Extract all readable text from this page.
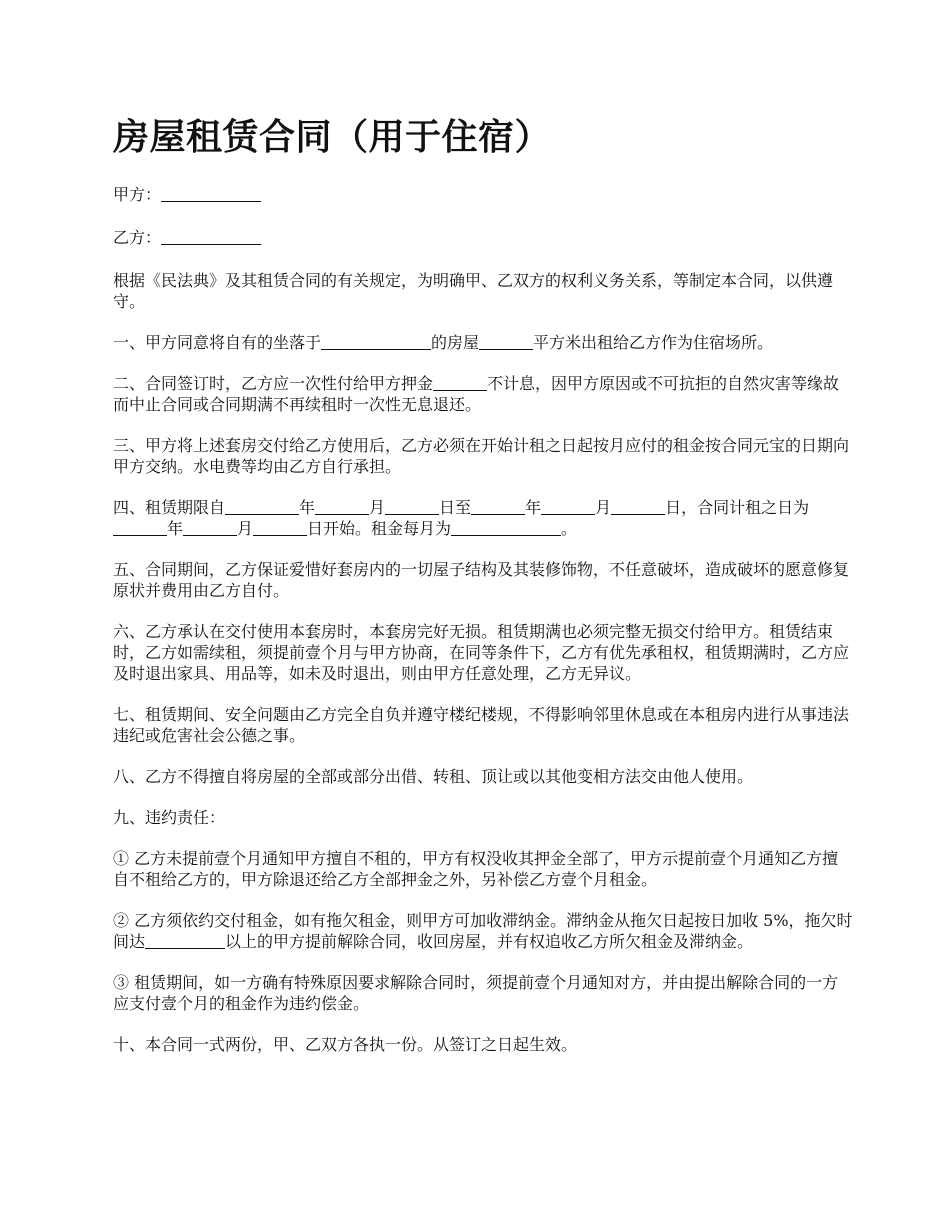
房屋租赁合同（用于住宿）

甲方：

乙方：

根据《民法典》及其租赁合同的有关规定，为明确甲、乙双方的权利义务关系，等制定本合同，以供遵守。

一、甲方同意将自有的坐落于	的房屋	平方米出租给乙方作为住宿场所。

二、合同签订时，乙方应一次性付给甲方押金	不计息，因甲方原因或不可抗拒的自然灾害等缘故而中止合同或合同期满不再续租时一次性无息退还。

三、甲方将上述套房交付给乙方使用后，乙方必须在开始计租之日起按月应付的租金按合同元宝的日期向甲方交纳。水电费等均由乙方自行承担。

四、租赁期限自	年	月	日至	年	月	日，合同计租之日为年	月	日开始。租金每月为	。

五、合同期间，乙方保证爱惜好套房内的一切屋子结构及其装修饰物，不任意破坏，造成破坏的愿意修复原状并费用由乙方自付。

六、乙方承认在交付使用本套房时，本套房完好无损。租赁期满也必须完整无损交付给甲方。租赁结束时，乙方如需续租，须提前壹个月与甲方协商，在同等条件下，乙方有优先承租权，租赁期满时，乙方应及时退出家具、用品等，如未及时退出，则由甲方任意处理，乙方无异议。

七、租赁期间、安全问题由乙方完全自负并遵守楼纪楼规，不得影响邻里休息或在本租房内进行从事违法违纪或危害社会公德之事。

八、乙方不得擅自将房屋的全部或部分出借、转租、顶让或以其他变相方法交由他人使用。

九、违约责任：

① 乙方未提前壹个月通知甲方擅自不租的，甲方有权没收其押金全部了，甲方示提前壹个月通知乙方擅自不租给乙方的，甲方除退还给乙方全部押金之外，另补偿乙方壹个月租金。

② 乙方须依约交付租金，如有拖欠租金，则甲方可加收滞纳金。滞纳金从拖欠日起按日加收 5%，拖欠时间达	以上的甲方提前解除合同，收回房屋，并有权追收乙方所欠租金及滞纳金。

③ 租赁期间，如一方确有特殊原因要求解除合同时，须提前壹个月通知对方，并由提出解除合同的一方应支付壹个月的租金作为违约偿金。

十、本合同一式两份，甲、乙双方各执一份。从签订之日起生效。
